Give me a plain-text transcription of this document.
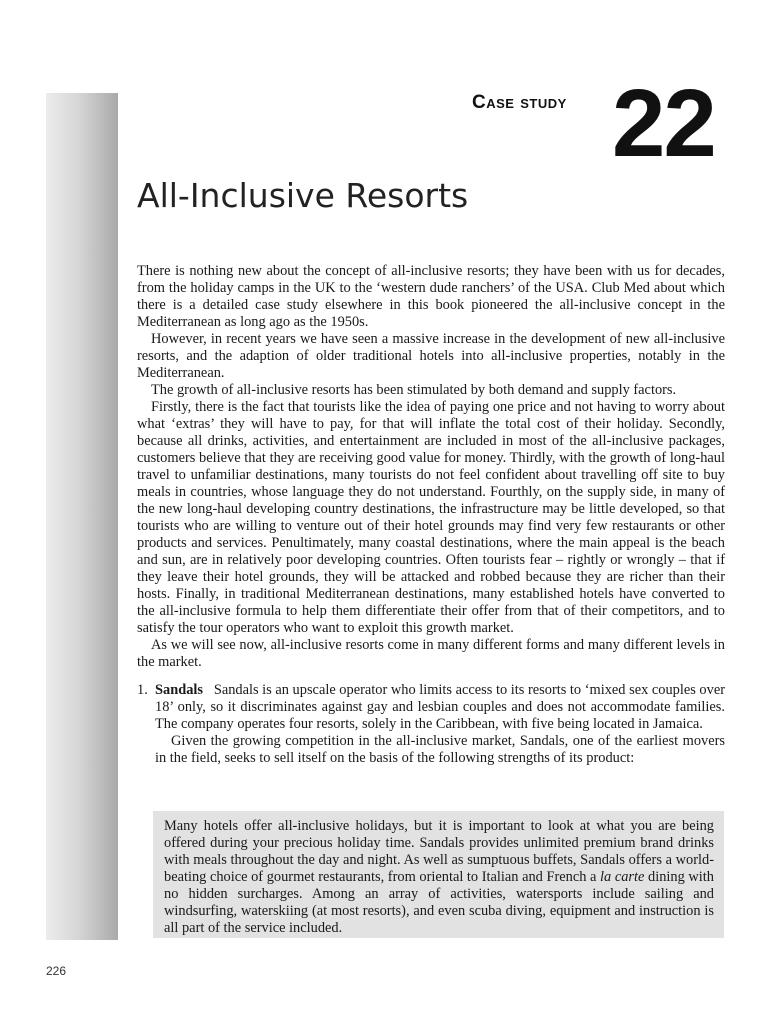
Case study 22
All-Inclusive Resorts

There is nothing new about the concept of all-inclusive resorts; they have been with us for decades, from the holiday camps in the UK to the ‘western dude ranchers’ of the USA. Club Med about which there is a detailed case study elsewhere in this book pioneered the all-inclusive concept in the Mediterranean as long ago as the 1950s.

However, in recent years we have seen a massive increase in the development of new all-inclusive resorts, and the adaption of older traditional hotels into all-inclusive properties, notably in the Mediterranean.

The growth of all-inclusive resorts has been stimulated by both demand and supply factors.

Firstly, there is the fact that tourists like the idea of paying one price and not having to worry about what ‘extras’ they will have to pay, for that will inflate the total cost of their holiday. Secondly, because all drinks, activities, and entertainment are included in most of the all-inclusive packages, customers believe that they are receiving good value for money. Thirdly, with the growth of long-haul travel to unfamiliar destinations, many tourists do not feel confident about travelling off site to buy meals in countries, whose language they do not understand. Fourthly, on the supply side, in many of the new long-haul developing country destinations, the infrastructure may be little developed, so that tourists who are willing to venture out of their hotel grounds may find very few restaurants or other products and services. Penultimately, many coastal destinations, where the main appeal is the beach and sun, are in relatively poor developing countries. Often tourists fear – rightly or wrongly – that if they leave their hotel grounds, they will be attacked and robbed because they are richer than their hosts. Finally, in traditional Mediterranean destinations, many established hotels have converted to the all-inclusive formula to help them differentiate their offer from that of their competitors, and to satisfy the tour operators who want to exploit this growth market.

As we will see now, all-inclusive resorts come in many different forms and many different levels in the market.

1. Sandals Sandals is an upscale operator who limits access to its resorts to ‘mixed sex couples over 18’ only, so it discriminates against gay and lesbian couples and does not accommodate families. The company operates four resorts, solely in the Caribbean, with five being located in Jamaica.

Given the growing competition in the all-inclusive market, Sandals, one of the earliest movers in the field, seeks to sell itself on the basis of the following strengths of its product:

Many hotels offer all-inclusive holidays, but it is important to look at what you are being offered during your precious holiday time. Sandals provides unlimited premium brand drinks with meals throughout the day and night. As well as sumptuous buffets, Sandals offers a world-beating choice of gourmet restaurants, from oriental to Italian and French a la carte dining with no hidden surcharges. Among an array of activities, watersports include sailing and windsurfing, waterskiing (at most resorts), and even scuba diving, equipment and instruction is all part of the service included.

226
